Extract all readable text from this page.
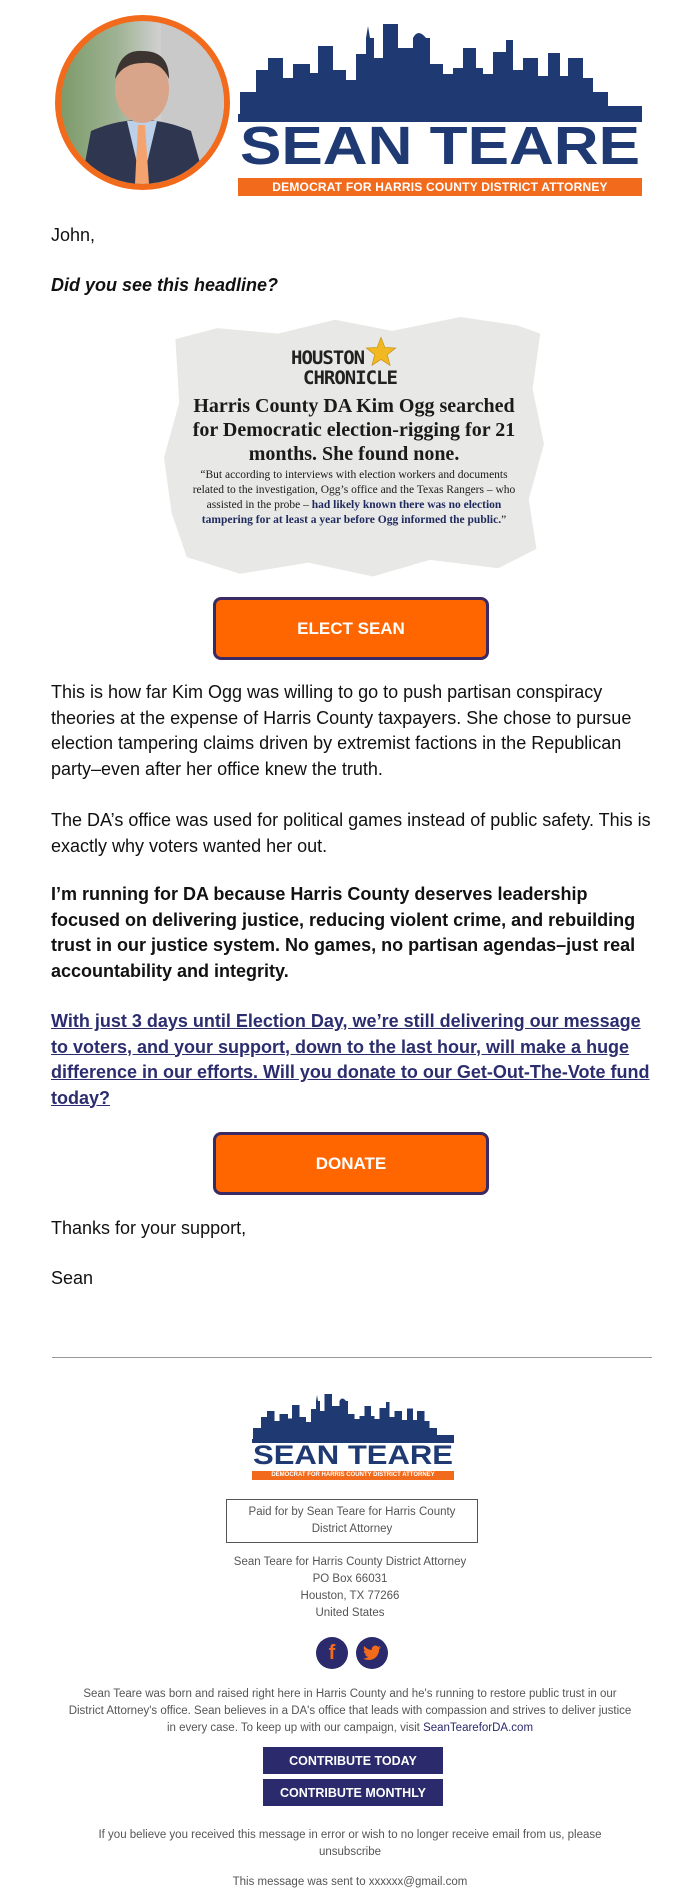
SEAN TEARE
DEMOCRAT FOR HARRIS COUNTY DISTRICT ATTORNEY

John,

Did you see this headline?

HOUSTON
CHRONICLE
Harris County DA Kim Ogg searched for Democratic election-rigging for 21 months. She found none.
“But according to interviews with election workers and documents related to the investigation, Ogg’s office and the Texas Rangers – who assisted in the probe – had likely known there was no election tampering for at least a year before Ogg informed the public.”
ELECT SEAN

This is how far Kim Ogg was willing to go to push partisan conspiracy theories at the expense of Harris County taxpayers. She chose to pursue election tampering claims driven by extremist factions in the Republican party–even after her office knew the truth.

The DA’s office was used for political games instead of public safety. This is exactly why voters wanted her out.

I’m running for DA because Harris County deserves leadership focused on delivering justice, reducing violent crime, and rebuilding trust in our justice system. No games, no partisan agendas–just real accountability and integrity.

With just 3 days until Election Day, we’re still delivering our message to voters, and your support, down to the last hour, will make a huge difference in our efforts. Will you donate to our Get-Out-The-Vote fund today?
DONATE

Thanks for your support,

Sean

SEAN TEARE
DEMOCRAT FOR HARRIS COUNTY DISTRICT ATTORNEY
Paid for by Sean Teare for Harris County District Attorney
Sean Teare for Harris County District Attorney
PO Box 66031
Houston, TX 77266
United States
f
Sean Teare was born and raised right here in Harris County and he's running to restore public trust in our District Attorney's office. Sean believes in a DA's office that leads with compassion and strives to deliver justice in every case. To keep up with our campaign, visit SeanTeareforDA.com
CONTRIBUTE TODAY
CONTRIBUTE MONTHLY
If you believe you received this message in error or wish to no longer receive email from us, please
unsubscribe
This message was sent to xxxxxx@gmail.com
